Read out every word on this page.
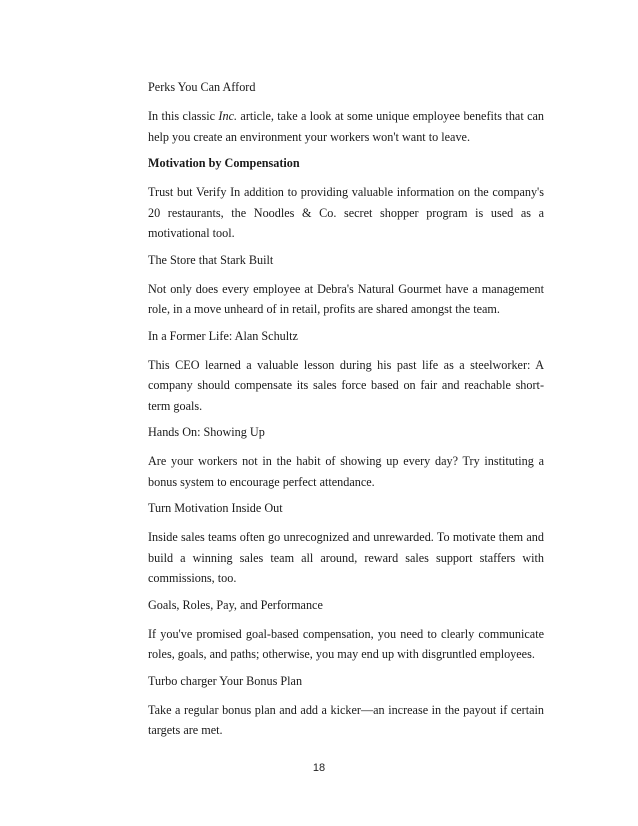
Perks You Can Afford
In this classic Inc. article, take a look at some unique employee benefits that can help you create an environment your workers won't want to leave.
Motivation by Compensation
Trust but Verify In addition to providing valuable information on the company's 20 restaurants, the Noodles & Co. secret shopper program is used as a motivational tool.
The Store that Stark Built
Not only does every employee at Debra's Natural Gourmet have a management role, in a move unheard of in retail, profits are shared amongst the team.
In a Former Life: Alan Schultz
This CEO learned a valuable lesson during his past life as a steelworker: A company should compensate its sales force based on fair and reachable short-term goals.
Hands On: Showing Up
Are your workers not in the habit of showing up every day? Try instituting a bonus system to encourage perfect attendance.
Turn Motivation Inside Out
Inside sales teams often go unrecognized and unrewarded. To motivate them and build a winning sales team all around, reward sales support staffers with commissions, too.
Goals, Roles, Pay, and Performance
If you've promised goal-based compensation, you need to clearly communicate roles, goals, and paths; otherwise, you may end up with disgruntled employees.
Turbo charger Your Bonus Plan
Take a regular bonus plan and add a kicker—an increase in the payout if certain targets are met.
18
